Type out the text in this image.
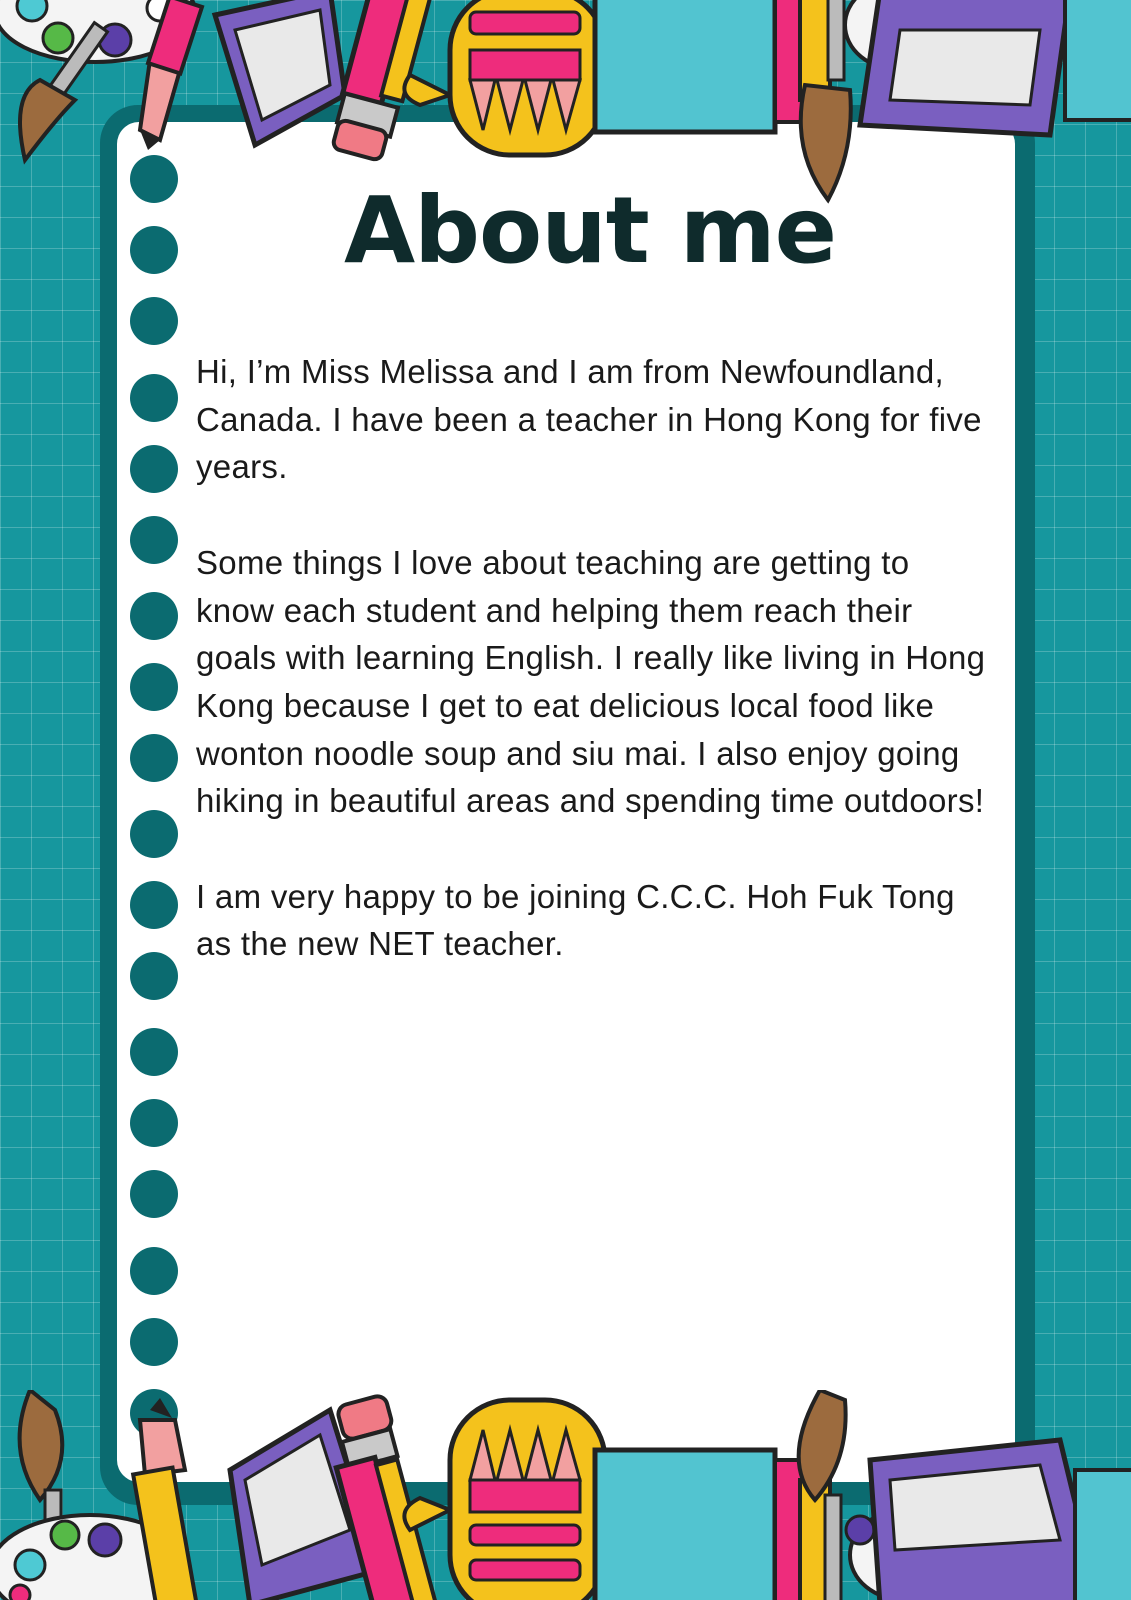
About me

Hi, I’m Miss Melissa and I am from Newfoundland, Canada. I have been a teacher in Hong Kong for five years.

Some things I love about teaching are getting to know each student and helping them reach their goals with learning English. I really like living in Hong Kong because I get to eat delicious local food like wonton noodle soup and siu mai. I also enjoy going hiking in beautiful areas and spending time outdoors!

I am very happy to be joining C.C.C. Hoh Fuk Tong as the new NET teacher.
